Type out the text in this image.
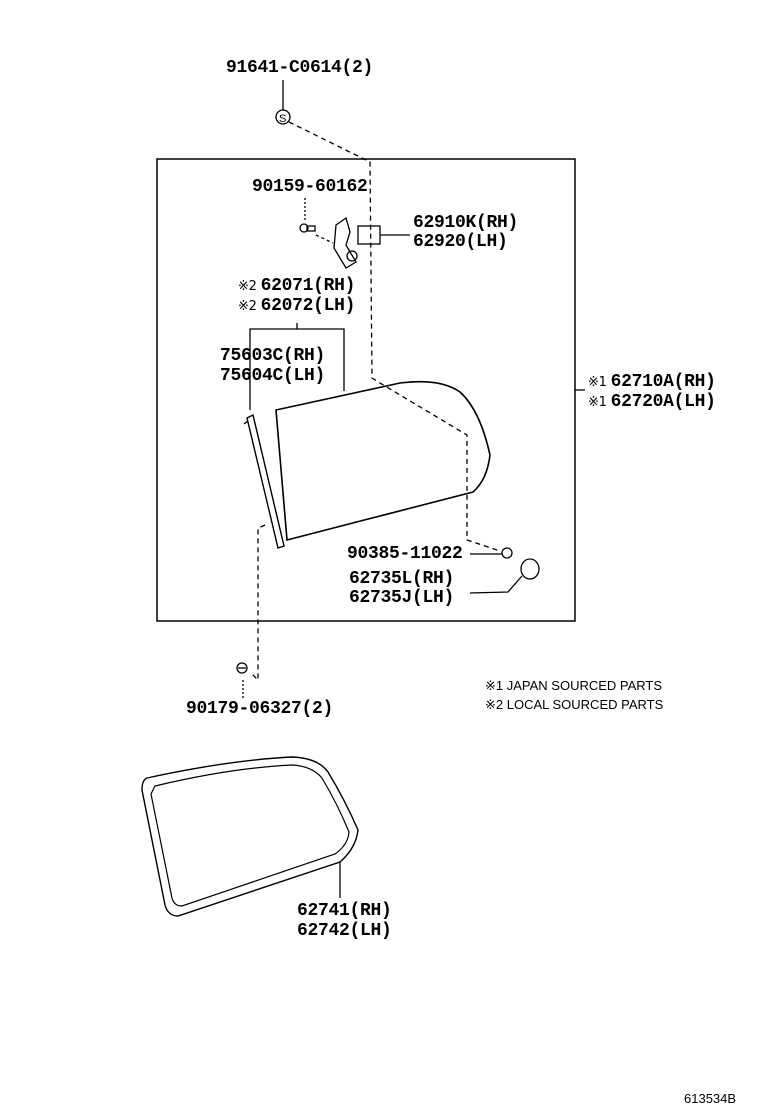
S
91641-C0614(2)
90159-60162
62910K(RH)
62920(LH)
※2 62071(RH)
※2 62072(LH)
75603C(RH)
75604C(LH)	※1 62710A(RH)
※1 62720A(LH)
90385-11022
62735L(RH)
62735J(LH)
90179-06327(2)
※1 JAPAN SOURCED PARTS
※2 LOCAL SOURCED PARTS
62741(RH)
62742(LH)
613534B
